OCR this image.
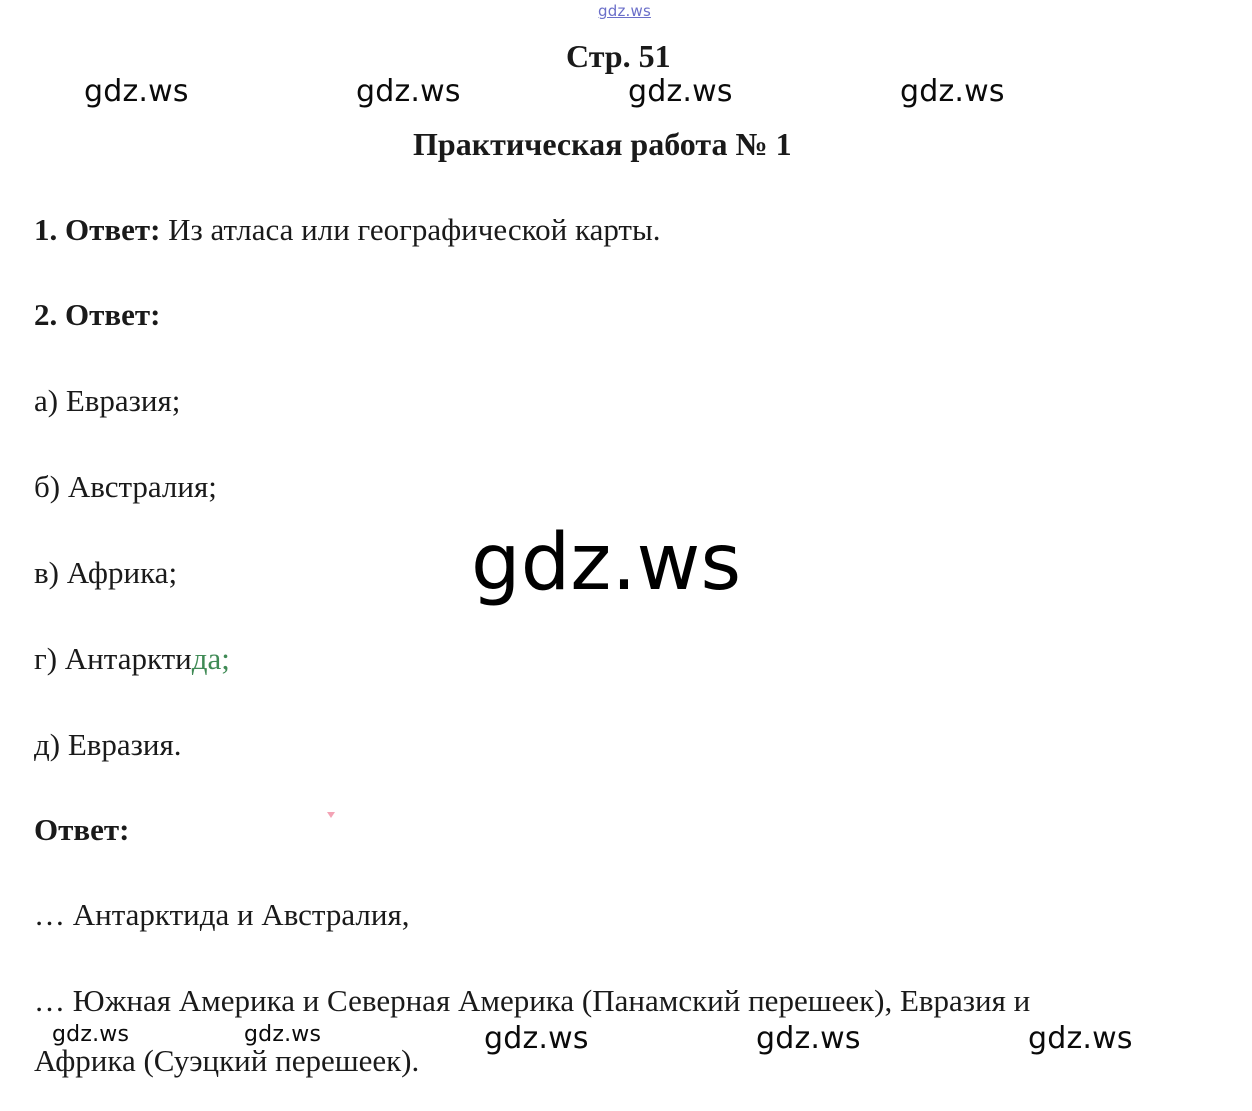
gdz.ws
Стр. 51
gdz.ws	gdz.ws	gdz.ws	gdz.ws
Практическая работа № 1
1. Ответ: Из атласа или географической карты.
2. Ответ:
а) Евразия;
б) Австралия;
в) Африка;
г) Антарктида;
д) Евразия.
gdz.ws
Ответ:
… Антарктида и Австралия,
… Южная Америка и Северная Америка (Панамский перешеек), Евразия и
Африка (Суэцкий перешеек).
gdz.ws	gdz.ws	gdz.ws	gdz.ws	gdz.ws
